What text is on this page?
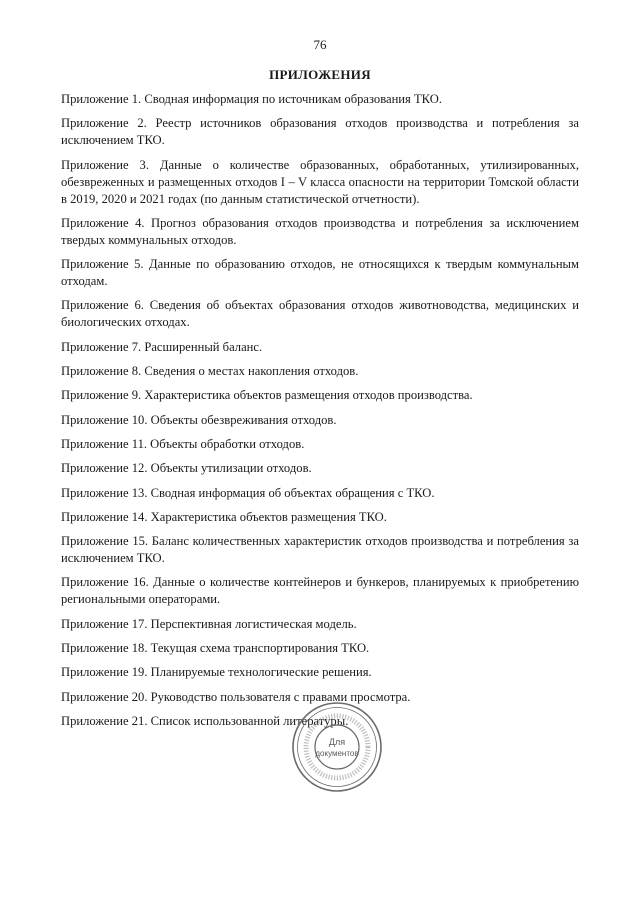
76
ПРИЛОЖЕНИЯ

Приложение 1. Сводная информация по источникам образования ТКО.

Приложение 2. Реестр источников образования отходов производства и потребления за исключением ТКО.

Приложение 3. Данные о количестве образованных, обработанных, утилизированных, обезвреженных и размещенных отходов I – V класса опасности на территории Томской области в 2019, 2020 и 2021 годах (по данным статистической отчетности).

Приложение 4. Прогноз образования отходов производства и потребления за исключением твердых коммунальных отходов.

Приложение 5. Данные по образованию отходов, не относящихся к твердым коммунальным отходам.

Приложение 6. Сведения об объектах образования отходов животноводства, медицинских и биологических отходах.

Приложение 7. Расширенный баланс.

Приложение 8. Сведения о местах накопления отходов.

Приложение 9. Характеристика объектов размещения отходов производства.

Приложение 10. Объекты обезвреживания отходов.

Приложение 11. Объекты обработки отходов.

Приложение 12. Объекты утилизации отходов.

Приложение 13. Сводная информация об объектах обращения с ТКО.

Приложение 14. Характеристика объектов размещения ТКО.

Приложение 15. Баланс количественных характеристик отходов производства и потребления за исключением ТКО.

Приложение 16. Данные о количестве контейнеров и бункеров, планируемых к приобретению региональными операторами.

Приложение 17. Перспективная логистическая модель.

Приложение 18. Текущая схема транспортирования ТКО.

Приложение 19. Планируемые технологические решения.

Приложение 20. Руководство пользователя с правами просмотра.

Приложение 21. Список использованной литературы.

Для
документов
